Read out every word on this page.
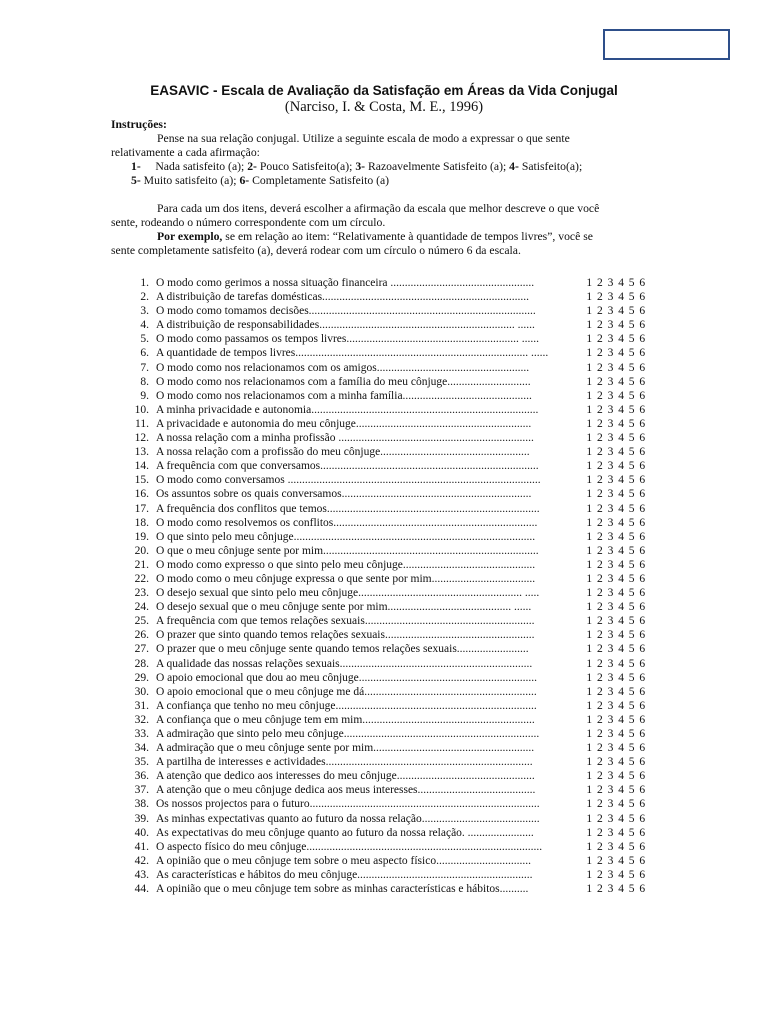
EASAVIC - Escala de Avaliação da Satisfação em Áreas da Vida Conjugal
(Narciso, I. & Costa, M. E., 1996)
Instruções:
Pense na sua relação conjugal. Utilize a seguinte escala de modo a expressar o que sente
relativamente a cada afirmação:
1- Nada satisfeito (a); 2- Pouco Satisfeito(a); 3- Razoavelmente Satisfeito (a); 4- Satisfeito(a);
5- Muito satisfeito (a); 6- Completamente Satisfeito (a)
Para cada um dos itens, deverá escolher a afirmação da escala que melhor descreve o que você
sente, rodeando o número correspondente com um círculo.
Por exemplo, se em relação ao item: “Relativamente à quantidade de tempos livres”, você se
sente completamente satisfeito (a), deverá rodear com um círculo o número 6 da escala.
1. O modo como gerimos a nossa situação financeira ..................................................	1 2 3 4 5 6
2. A distribuição de tarefas domésticas........................................................................	1 2 3 4 5 6
3. O modo como tomamos decisões...............................................................................	1 2 3 4 5 6
4. A distribuição de responsabilidades.................................................................... ......	1 2 3 4 5 6
5. O modo como passamos os tempos livres............................................................ ......	1 2 3 4 5 6
6. A quantidade de tempos livres................................................................................. ......	1 2 3 4 5 6
7. O modo como nos relacionamos com os amigos.....................................................	1 2 3 4 5 6
8. O modo como nos relacionamos com a família do meu cônjuge.............................	1 2 3 4 5 6
9. O modo como nos relacionamos com a minha família.............................................	1 2 3 4 5 6
10. A minha privacidade e autonomia...............................................................................	1 2 3 4 5 6
11. A privacidade e autonomia do meu cônjuge.............................................................	1 2 3 4 5 6
12. A nossa relação com a minha profissão ....................................................................	1 2 3 4 5 6
13. A nossa relação com a profissão do meu cônjuge....................................................	1 2 3 4 5 6
14. A frequência com que conversamos............................................................................	1 2 3 4 5 6
15. O modo como conversamos ........................................................................................	1 2 3 4 5 6
16. Os assuntos sobre os quais conversamos..................................................................	1 2 3 4 5 6
17. A frequência dos conflitos que temos..........................................................................	1 2 3 4 5 6
18. O modo como resolvemos os conflitos.......................................................................	1 2 3 4 5 6
19. O que sinto pelo meu cônjuge....................................................................................	1 2 3 4 5 6
20. O que o meu cônjuge sente por mim...........................................................................	1 2 3 4 5 6
21. O modo como expresso o que sinto pelo meu cônjuge..............................................	1 2 3 4 5 6
22. O modo como o meu cônjuge expressa o que sente por mim....................................	1 2 3 4 5 6
23. O desejo sexual que sinto pelo meu cônjuge......................................................... .....	1 2 3 4 5 6
24. O desejo sexual que o meu cônjuge sente por mim........................................... ......	1 2 3 4 5 6
25. A frequência com que temos relações sexuais...........................................................	1 2 3 4 5 6
26. O prazer que sinto quando temos relações sexuais....................................................	1 2 3 4 5 6
27. O prazer que o meu cônjuge sente quando temos relações sexuais.........................	1 2 3 4 5 6
28. A qualidade das nossas relações sexuais...................................................................	1 2 3 4 5 6
29. O apoio emocional que dou ao meu cônjuge..............................................................	1 2 3 4 5 6
30. O apoio emocional que o meu cônjuge me dá............................................................	1 2 3 4 5 6
31. A confiança que tenho no meu cônjuge......................................................................	1 2 3 4 5 6
32. A confiança que o meu cônjuge tem em mim............................................................	1 2 3 4 5 6
33. A admiração que sinto pelo meu cônjuge....................................................................	1 2 3 4 5 6
34. A admiração que o meu cônjuge sente por mim........................................................	1 2 3 4 5 6
35. A partilha de interesses e actividades........................................................................	1 2 3 4 5 6
36. A atenção que dedico aos interesses do meu cônjuge................................................	1 2 3 4 5 6
37. A atenção que o meu cônjuge dedica aos meus interesses.........................................	1 2 3 4 5 6
38. Os nossos projectos para o futuro................................................................................	1 2 3 4 5 6
39. As minhas expectativas quanto ao futuro da nossa relação.........................................	1 2 3 4 5 6
40. As expectativas do meu cônjuge quanto ao futuro da nossa relação. .......................	1 2 3 4 5 6
41. O aspecto físico do meu cônjuge..................................................................................	1 2 3 4 5 6
42. A opinião que o meu cônjuge tem sobre o meu aspecto físico.................................	1 2 3 4 5 6
43. As características e hábitos do meu cônjuge.............................................................	1 2 3 4 5 6
44. A opinião que o meu cônjuge tem sobre as minhas características e hábitos..........	1 2 3 4 5 6
